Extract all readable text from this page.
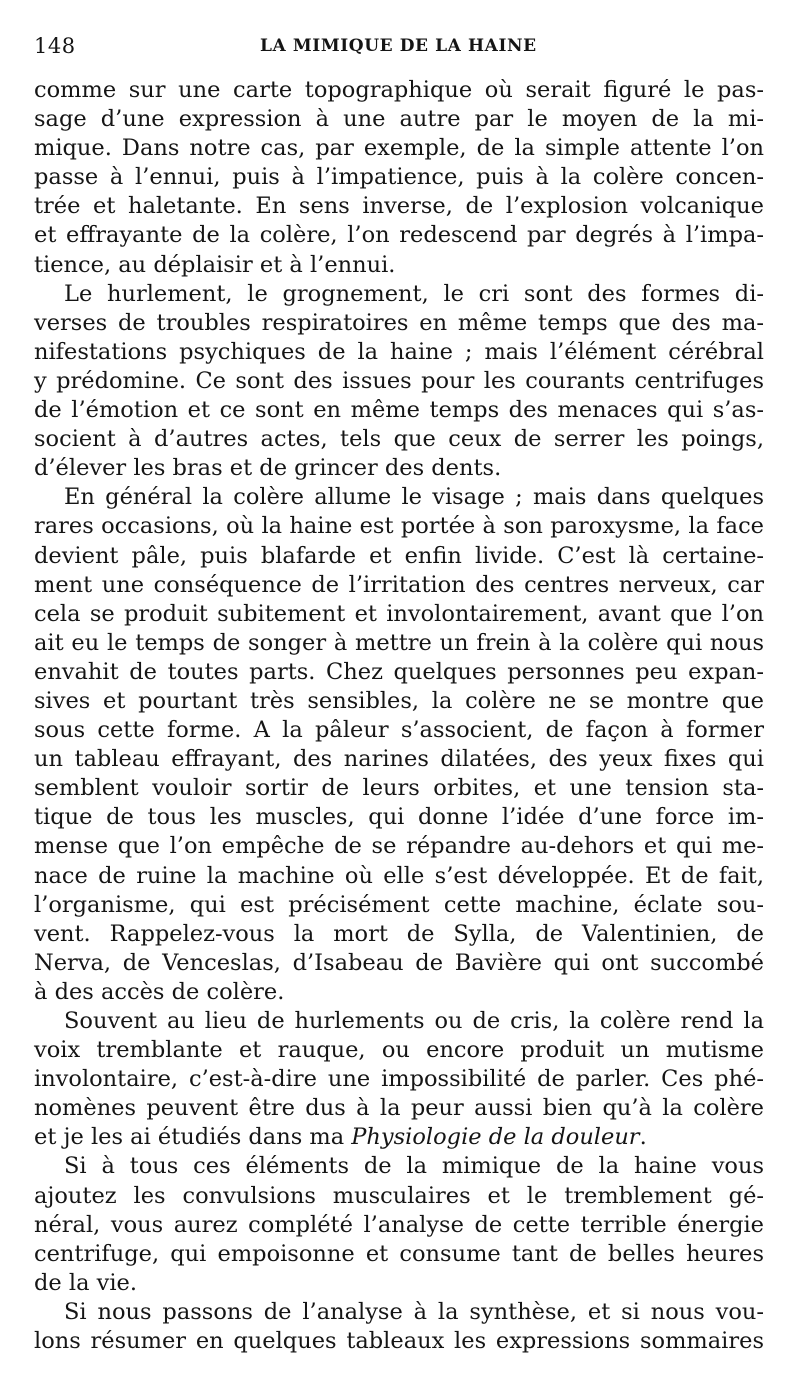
148	LA MIMIQUE DE LA HAINE
comme sur une carte topographique où serait figuré le pas-
sage d’une expression à une autre par le moyen de la mi-
mique. Dans notre cas, par exemple, de la simple attente l’on
passe à l’ennui, puis à l’impatience, puis à la colère concen-
trée et haletante. En sens inverse, de l’explosion volcanique
et effrayante de la colère, l’on redescend par degrés à l’impa-
tience, au déplaisir et à l’ennui.
Le hurlement, le grognement, le cri sont des formes di-
verses de troubles respiratoires en même temps que des ma-
nifestations psychiques de la haine ; mais l’élément cérébral
y prédomine. Ce sont des issues pour les courants centrifuges
de l’émotion et ce sont en même temps des menaces qui s’as-
socient à d’autres actes, tels que ceux de serrer les poings,
d’élever les bras et de grincer des dents.
En général la colère allume le visage ; mais dans quelques
rares occasions, où la haine est portée à son paroxysme, la face
devient pâle, puis blafarde et enfin livide. C’est là certaine-
ment une conséquence de l’irritation des centres nerveux, car
cela se produit subitement et involontairement, avant que l’on
ait eu le temps de songer à mettre un frein à la colère qui nous
envahit de toutes parts. Chez quelques personnes peu expan-
sives et pourtant très sensibles, la colère ne se montre que
sous cette forme. A la pâleur s’associent, de façon à former
un tableau effrayant, des narines dilatées, des yeux fixes qui
semblent vouloir sortir de leurs orbites, et une tension sta-
tique de tous les muscles, qui donne l’idée d’une force im-
mense que l’on empêche de se répandre au-dehors et qui me-
nace de ruine la machine où elle s’est développée. Et de fait,
l’organisme, qui est précisément cette machine, éclate sou-
vent. Rappelez-vous la mort de Sylla, de Valentinien, de
Nerva, de Venceslas, d’Isabeau de Bavière qui ont succombé
à des accès de colère.
Souvent au lieu de hurlements ou de cris, la colère rend la
voix tremblante et rauque, ou encore produit un mutisme
involontaire, c’est-à-dire une impossibilité de parler. Ces phé-
nomènes peuvent être dus à la peur aussi bien qu’à la colère
et je les ai étudiés dans ma Physiologie de la douleur.
Si à tous ces éléments de la mimique de la haine vous
ajoutez les convulsions musculaires et le tremblement gé-
néral, vous aurez complété l’analyse de cette terrible énergie
centrifuge, qui empoisonne et consume tant de belles heures
de la vie.
Si nous passons de l’analyse à la synthèse, et si nous vou-
lons résumer en quelques tableaux les expressions sommaires
